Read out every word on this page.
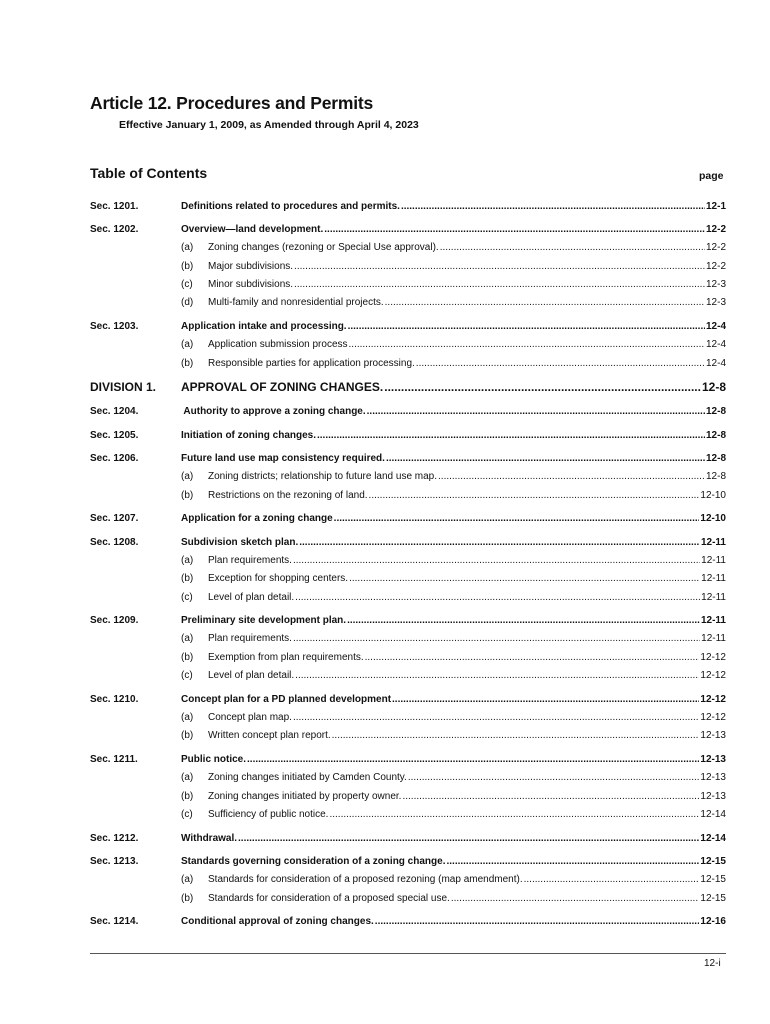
Article 12. Procedures and Permits
Effective January 1, 2009, as Amended through April 4, 2023
Table of Contents	page
Sec. 1201.	Definitions related to procedures and permits. .....	12-1
Sec. 1202.	Overview—land development. .....	12-2
(a)	Zoning changes (rezoning or Special Use approval). .....	12-2
(b)	Major subdivisions. .....	12-2
(c)	Minor subdivisions. .....	12-3
(d)	Multi-family and nonresidential projects. .....	12-3
Sec. 1203.	Application intake and processing. .....	12-4
(a)	Application submission process .....	12-4
(b)	Responsible parties for application processing. .....	12-4
DIVISION 1. APPROVAL OF ZONING CHANGES. .....	12-8
Sec. 1204.	Authority to approve a zoning change. .....	12-8
Sec. 1205.	Initiation of zoning changes. .....	12-8
Sec. 1206.	Future land use map consistency required. .....	12-8
(a)	Zoning districts; relationship to future land use map. .....	12-8
(b)	Restrictions on the rezoning of land. .....	12-10
Sec. 1207.	Application for a zoning change .....	12-10
Sec. 1208.	Subdivision sketch plan. .....	12-11
(a)	Plan requirements. .....	12-11
(b)	Exception for shopping centers. .....	12-11
(c)	Level of plan detail. .....	12-11
Sec. 1209.	Preliminary site development plan. .....	12-11
(a)	Plan requirements. .....	12-11
(b)	Exemption from plan requirements. .....	12-12
(c)	Level of plan detail. .....	12-12
Sec. 1210.	Concept plan for a PD planned development .....	12-12
(a)	Concept plan map. .....	12-12
(b)	Written concept plan report. .....	12-13
Sec. 1211.	Public notice. .....	12-13
(a)	Zoning changes initiated by Camden County. .....	12-13
(b)	Zoning changes initiated by property owner. .....	12-13
(c)	Sufficiency of public notice. .....	12-14
Sec. 1212.	Withdrawal. .....	12-14
Sec. 1213.	Standards governing consideration of a zoning change. .....	12-15
(a)	Standards for consideration of a proposed rezoning (map amendment). .....	12-15
(b)	Standards for consideration of a proposed special use. .....	12-15
Sec. 1214.	Conditional approval of zoning changes. .....	12-16
12-i
